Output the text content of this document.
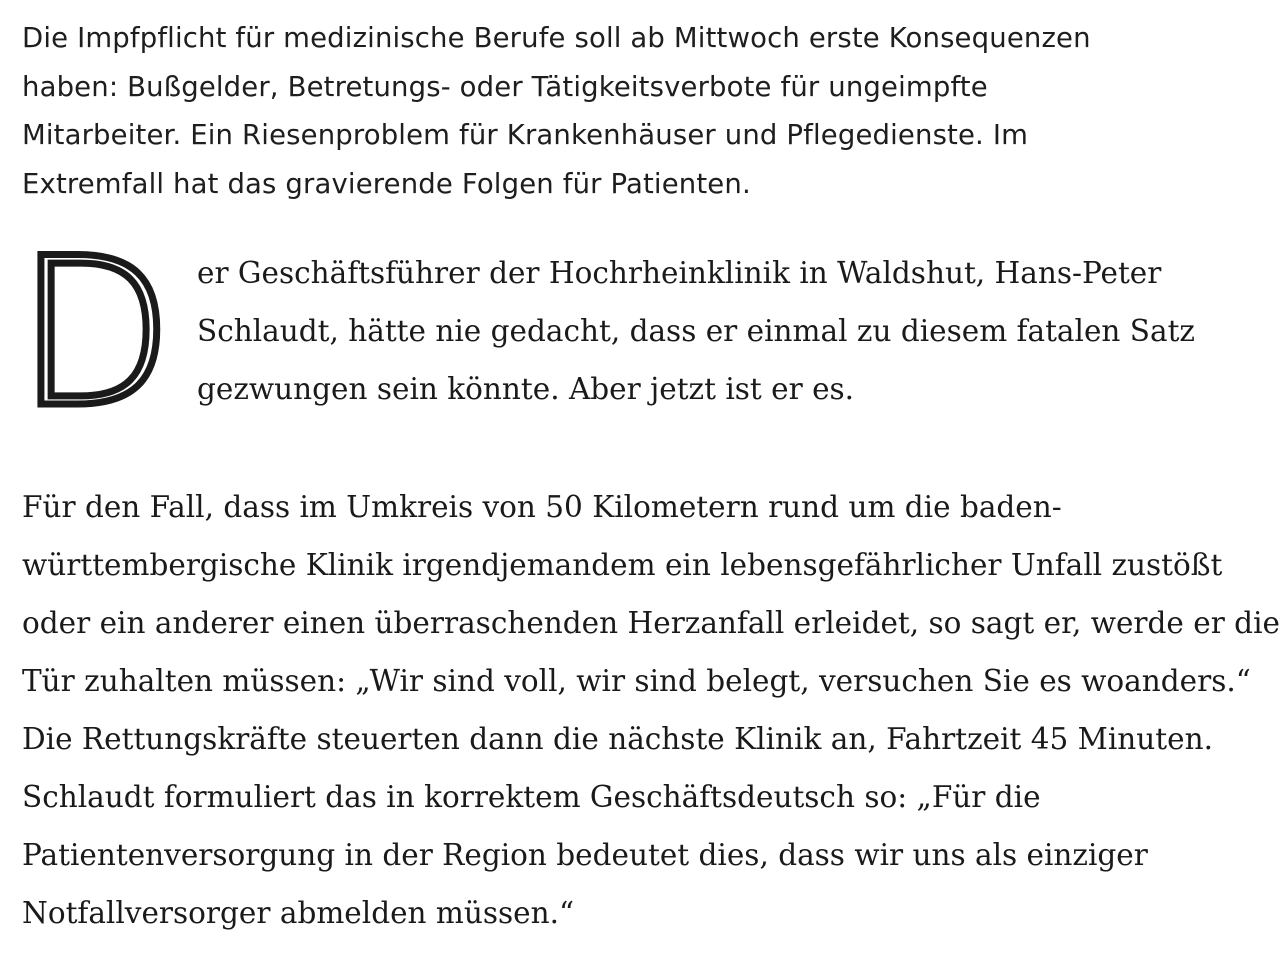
Die Impfpflicht für medizinische Berufe soll ab Mittwoch erste Konsequenzen
haben: Bußgelder, Betretungs- oder Tätigkeitsverbote für ungeimpfte
Mitarbeiter. Ein Riesenproblem für Krankenhäuser und Pflegedienste. Im
Extremfall hat das gravierende Folgen für Patienten.

D er Geschäftsführer der Hochrheinklinik in Waldshut, Hans-Peter
Schlaudt, hätte nie gedacht, dass er einmal zu diesem fatalen Satz
gezwungen sein könnte. Aber jetzt ist er es.

Für den Fall, dass im Umkreis von 50 Kilometern rund um die baden-
württembergische Klinik irgendjemandem ein lebensgefährlicher Unfall zustößt
oder ein anderer einen überraschenden Herzanfall erleidet, so sagt er, werde er die
Tür zuhalten müssen: „Wir sind voll, wir sind belegt, versuchen Sie es woanders.“
Die Rettungskräfte steuerten dann die nächste Klinik an, Fahrtzeit 45 Minuten.
Schlaudt formuliert das in korrektem Geschäftsdeutsch so: „Für die
Patientenversorgung in der Region bedeutet dies, dass wir uns als einziger
Notfallversorger abmelden müssen.“
